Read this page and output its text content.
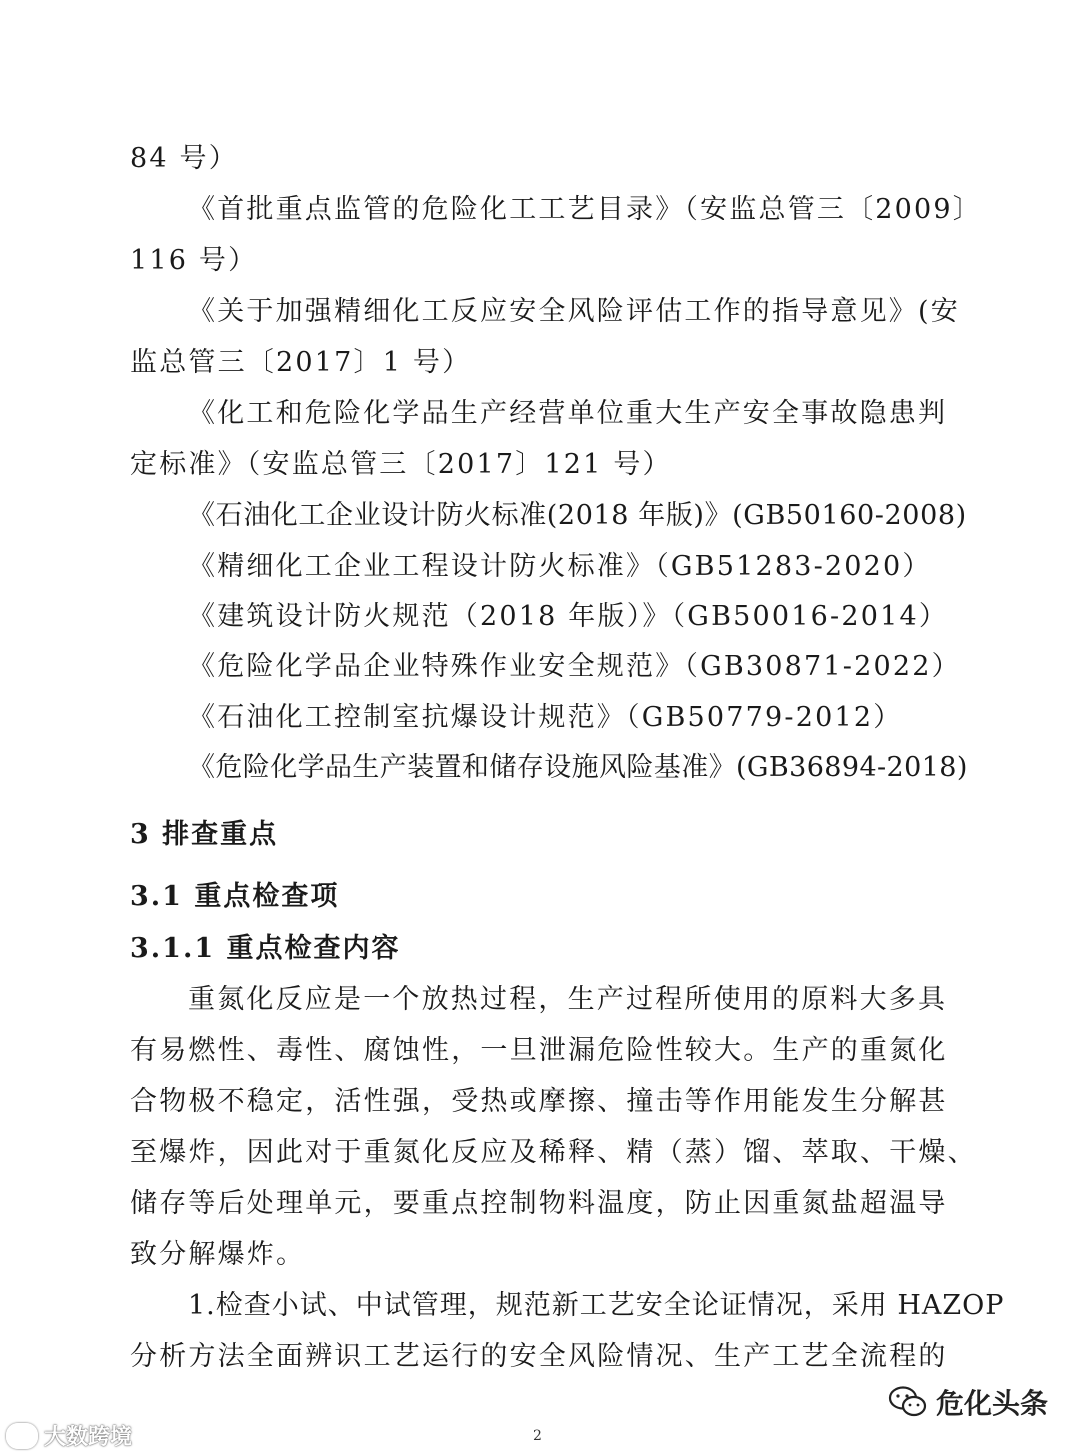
84 号）
《首批重点监管的危险化工工艺目录》（安监总管三〔2009〕
116 号）
《关于加强精细化工反应安全风险评估工作的指导意见》(安
监总管三〔2017〕1 号）
《化工和危险化学品生产经营单位重大生产安全事故隐患判
定标准》（安监总管三〔2017〕121 号）
《石油化工企业设计防火标准(2018 年版)》(GB50160-2008)
《精细化工企业工程设计防火标准》（GB51283-2020）
《建筑设计防火规范（2018 年版）》（GB50016-2014）
《危险化学品企业特殊作业安全规范》（GB30871-2022）
《石油化工控制室抗爆设计规范》（GB50779-2012）
《危险化学品生产装置和储存设施风险基准》(GB36894-2018)
3 排查重点
3.1 重点检查项
3.1.1 重点检查内容
重氮化反应是一个放热过程，生产过程所使用的原料大多具
有易燃性、毒性、腐蚀性，一旦泄漏危险性较大。生产的重氮化
合物极不稳定，活性强，受热或摩擦、撞击等作用能发生分解甚
至爆炸，因此对于重氮化反应及稀释、精（蒸）馏、萃取、干燥、
储存等后处理单元，要重点控制物料温度，防止因重氮盐超温导
致分解爆炸。
1.检查小试、中试管理，规范新工艺安全论证情况，采用 HAZOP
分析方法全面辨识工艺运行的安全风险情况、生产工艺全流程的
大数跨境	2
危化头条
